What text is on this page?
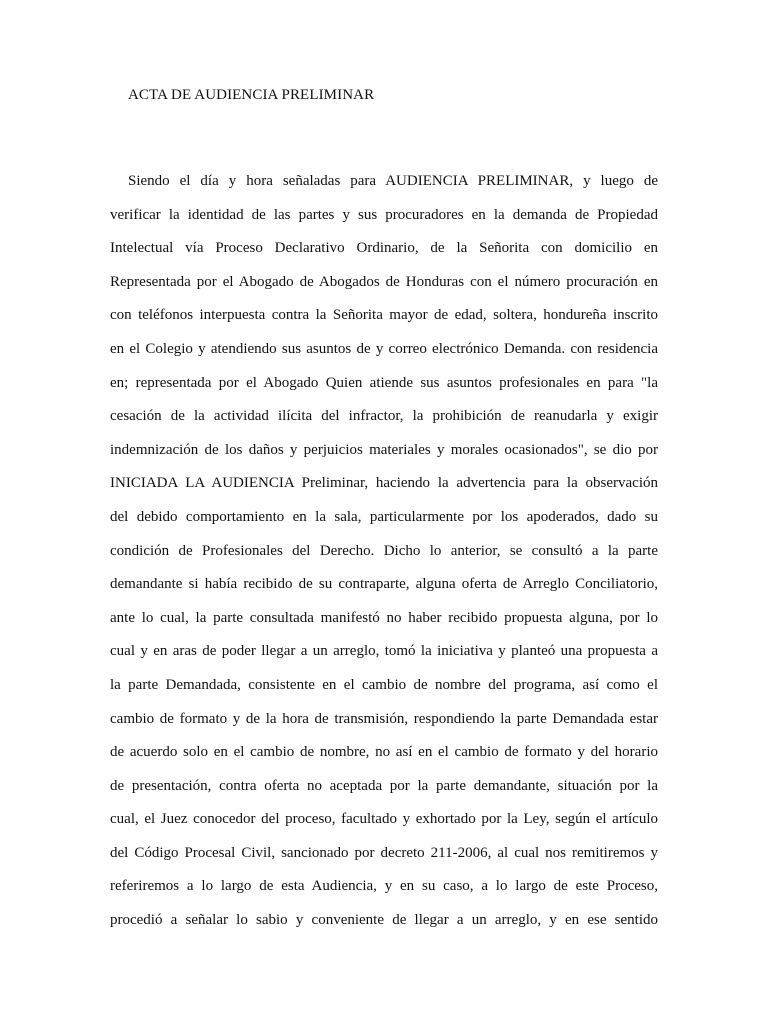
ACTA DE AUDIENCIA PRELIMINAR
Siendo el día y hora señaladas para AUDIENCIA PRELIMINAR, y luego de
verificar la identidad de las partes y sus procuradores en la demanda de Propiedad
Intelectual vía Proceso Declarativo Ordinario, de la Señorita con domicilio en
Representada por el Abogado de Abogados de Honduras con el número procuración en
con teléfonos interpuesta contra la Señorita mayor de edad, soltera, hondureña inscrito
en el Colegio y atendiendo sus asuntos de y correo electrónico Demanda. con residencia
en; representada por el Abogado Quien atiende sus asuntos profesionales en para "la
cesación de la actividad ilícita del infractor, la prohibición de reanudarla y exigir
indemnización de los daños y perjuicios materiales y morales ocasionados", se dio por
INICIADA LA AUDIENCIA Preliminar, haciendo la advertencia para la observación
del debido comportamiento en la sala, particularmente por los apoderados, dado su
condición de Profesionales del Derecho. Dicho lo anterior, se consultó a la parte
demandante si había recibido de su contraparte, alguna oferta de Arreglo Conciliatorio,
ante lo cual, la parte consultada manifestó no haber recibido propuesta alguna, por lo
cual y en aras de poder llegar a un arreglo, tomó la iniciativa y planteó una propuesta a
la parte Demandada, consistente en el cambio de nombre del programa, así como el
cambio de formato y de la hora de transmisión, respondiendo la parte Demandada estar
de acuerdo solo en el cambio de nombre, no así en el cambio de formato y del horario
de presentación, contra oferta no aceptada por la parte demandante, situación por la
cual, el Juez conocedor del proceso, facultado y exhortado por la Ley, según el artículo
del Código Procesal Civil, sancionado por decreto 211-2006, al cual nos remitiremos y
referiremos a lo largo de esta Audiencia, y en su caso, a lo largo de este Proceso,
procedió a señalar lo sabio y conveniente de llegar a un arreglo, y en ese sentido
